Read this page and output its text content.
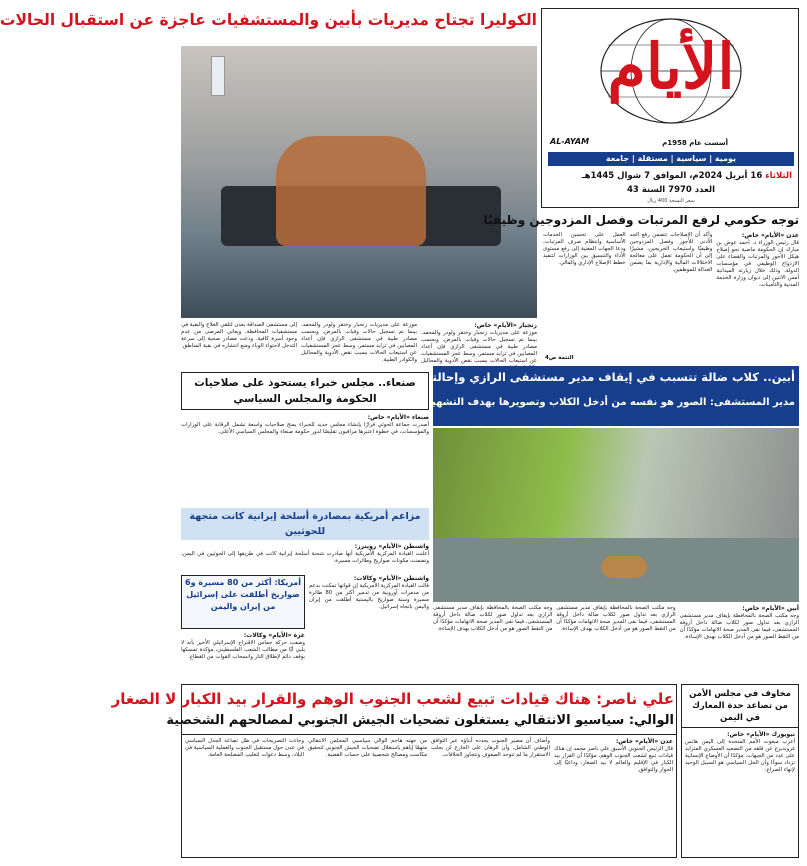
الأيام
AL-AYAM	أسست عام 1958م
يومية | سياسية | مستقلة | جامعة
الثلاثاء 16 أبريل 2024م، الموافق 7 شوال 1445هـ
العدد 7970 السنة 43
سعر النسخة 400 ريال
الكوليرا تجتاح مديريات بأبين والمستشفيات عاجزة عن استقبال الحالات
زنجبار «الأيام» خاص:
موزعة على مديريات زنجبار وخنفر ولودر والمحفد، بينما تم تسجيل حالات وفيات بالمرض. وبحسب مصادر طبية في مستشفى الرازي فإن أعداد المصابين في تزايد مستمر، وسط عجز المستشفيات عن استيعاب الحالات بسبب نقص الأدوية والمحاليل
موزعة على مديريات زنجبار وخنفر ولودر والمحفد، بينما تم تسجيل حالات وفيات بالمرض. وبحسب مصادر طبية في مستشفى الرازي فإن أعداد المصابين في تزايد مستمر، وسط عجز المستشفيات عن استيعاب الحالات بسبب نقص الأدوية والمحاليل والكوادر الطبية.
إلى مستشفى الصداقة بعدن لتلقي العلاج والبقية في مستشفيات المحافظة، ويعاني المرضى من عدم وجود أسرة كافية. ودعت مصادر صحية إلى سرعة التدخل لاحتواء الوباء ومنع انتشاره في بقية المناطق.
توجه حكومي لرفع المرتبات وفصل المزدوجين وظيفيًا
عدن «الأيام» خاص:
قال رئيس الوزراء د. أحمد عوض بن مبارك إن الحكومة ماضية نحو إصلاح هيكل الأجور والمرتبات والقضاء على الازدواج الوظيفي في مؤسسات الدولة، وذلك خلال زيارته الميدانية أمس الاثنين إلى ديوان وزارة الخدمة المدنية والتأمينات.
وأكد أن الإصلاحات تتضمن رفع الحد الأدنى للأجور وفصل المزدوجين وظيفيًا واستيعاب الخريجين، مشيرًا إلى أن الحكومة تعمل على معالجة الاختلالات المالية والإدارية بما يضمن العدالة للموظفين.
العمل على تحسين الخدمات الأساسية وانتظام صرف المرتبات، ودعا الجهات المعنية إلى رفع مستوى الأداء والتنسيق بين الوزارات لتنفيذ خطط الإصلاح الإداري والمالي.
التتمة ص4
أبين.. كلاب ضالة تتسبب في إيقاف مدير مستشفى الرازي وإحالته للتحقيق
مدير المستشفى: الصور هو نفسه من أدخل الكلاب وتصويرها بهدف التشهير
أبين «الأيام» خاص:
وجه مكتب الصحة بالمحافظة بإيقاف مدير مستشفى الرازي بعد تداول صور لكلاب ضالة داخل أروقة المستشفى، فيما نفى المدير صحة الاتهامات مؤكدًا أن من التقط الصور هو من أدخل الكلاب بهدف الإساءة.
وجه مكتب الصحة بالمحافظة بإيقاف مدير مستشفى الرازي بعد تداول صور لكلاب ضالة داخل أروقة المستشفى، فيما نفى المدير صحة الاتهامات مؤكدًا أن من التقط الصور هو من أدخل الكلاب بهدف الإساءة.
وجه مكتب الصحة بالمحافظة بإيقاف مدير مستشفى الرازي بعد تداول صور لكلاب ضالة داخل أروقة المستشفى، فيما نفى المدير صحة الاتهامات مؤكدًا أن من التقط الصور هو من أدخل الكلاب بهدف الإساءة.
صنعاء.. مجلس خبراء يستحوذ على صلاحيات الحكومة والمجلس السياسي
صنعاء «الأيام» خاص:
أصدرت جماعة الحوثي قرارًا بإنشاء مجلس جديد للخبراء يمنح صلاحيات واسعة تشمل الرقابة على الوزارات والمؤسسات، في خطوة اعتبرها مراقبون تقليصًا لدور حكومة صنعاء والمجلس السياسي الأعلى.
مزاعم أمريكية بمصادرة أسلحة إيرانية كانت متجهة للحوثيين
واشنطن «الأيام» رويترز:
أعلنت القيادة المركزية الأمريكية أنها صادرت شحنة أسلحة إيرانية كانت في طريقها إلى الحوثيين في اليمن، وتضمنت مكونات صواريخ وطائرات مسيرة.
أمريكا: أكثر من 80 مسيرة و6 صواريخ أطلقت على إسرائيل من إيران واليمن
واشنطن «الأيام» وكالات:
قالت القيادة المركزية الأمريكية إن قواتها تمكنت بدعم من مدمرات أوروبية من تدمير أكثر من 80 طائرة مسيرة وستة صواريخ باليستية أطلقت من إيران واليمن باتجاه إسرائيل.
غزة «الأيام» وكالات:
وصفت حركة حماس الاقتراح الإسرائيلي الأخير بأنه لا يلبي أيًا من مطالب الشعب الفلسطيني، مؤكدة تمسكها بوقف دائم لإطلاق النار وانسحاب القوات من القطاع.
مخاوف في مجلس الأمن من تصاعد حدة المعارك في اليمن
نيويورك «الأيام» خاص:
أعرب مبعوث الأمم المتحدة إلى اليمن هانس غروندبرغ عن قلقه من التصعيد العسكري المتزايد على عدد من الجبهات، مؤكدًا أن الأوضاع الإنسانية تزداد سوءًا وأن الحل السياسي هو السبيل الوحيد لإنهاء الصراع.
علي ناصر: هناك قيادات تبيع لشعب الجنوب الوهم والقرار بيد الكبار لا الصغار
الوالي: سياسيو الانتقالي يستغلون تضحيات الجيش الجنوبي لمصالحهم الشخصية
عدن «الأيام» خاص:
قال الرئيس الجنوبي الأسبق علي ناصر محمد إن هناك قيادات تبيع لشعب الجنوب الوهم، مؤكدًا أن القرار بيد الكبار في الإقليم والعالم لا بيد الصغار، وداعيًا إلى الحوار والتوافق.
وأضاف أن مصير الجنوب يحدده أبناؤه عبر التوافق الوطني الشامل، وأن الرهان على الخارج لن يجلب الاستقرار ما لم تتوحد الصفوف وتتجاوز الخلافات.
من جهته هاجم الوالي سياسيي المجلس الانتقالي متهمًا إياهم باستغلال تضحيات الجيش الجنوبي لتحقيق مكاسب ومصالح شخصية على حساب القضية.
وجاءت التصريحات في ظل تصاعد الجدل السياسي في عدن حول مستقبل الجنوب والعملية السياسية في البلاد، وسط دعوات لتغليب المصلحة العامة.
